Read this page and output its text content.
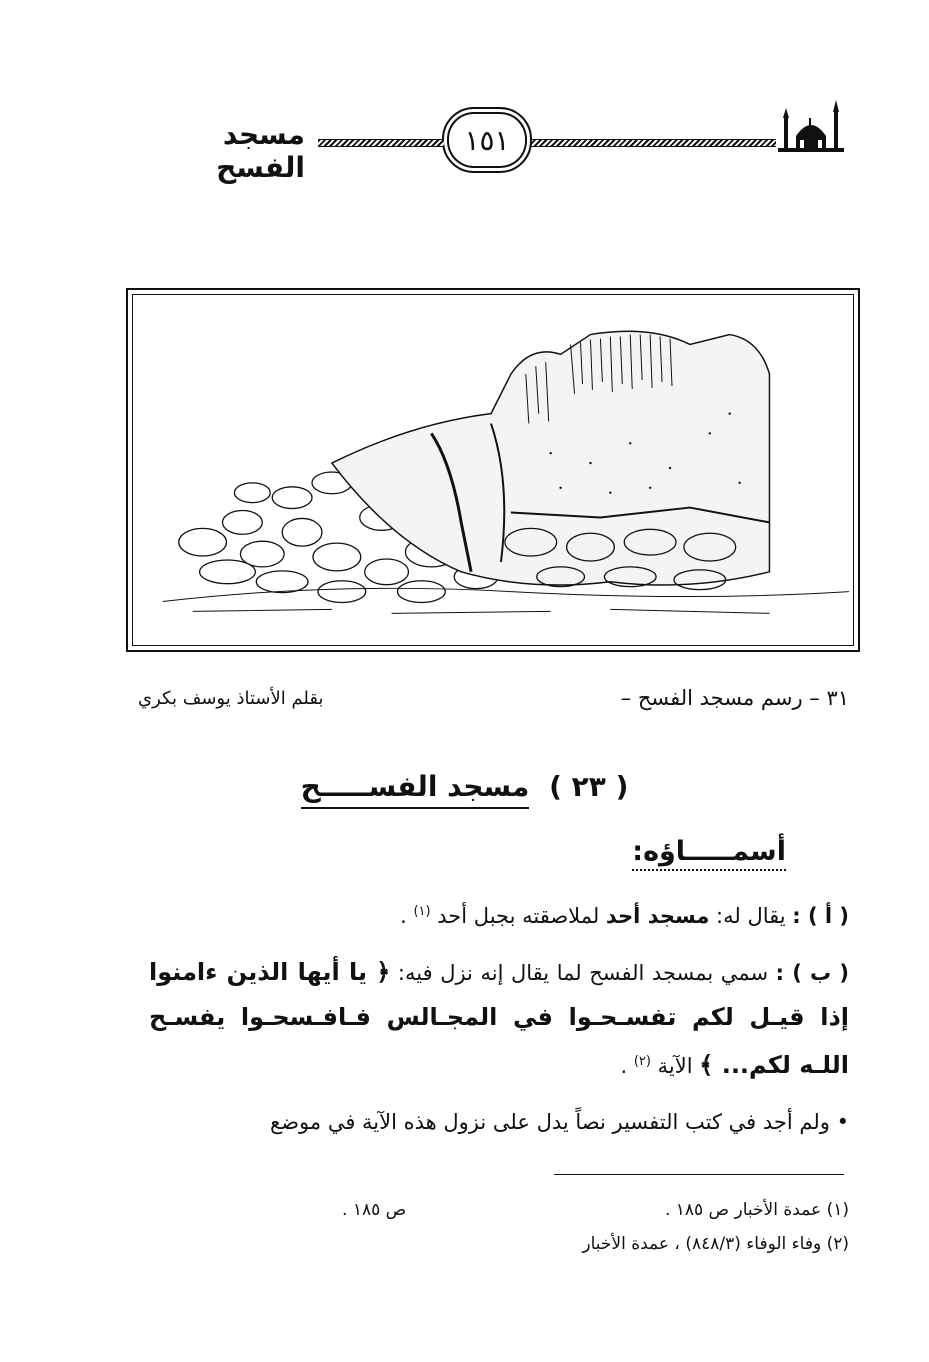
١٥١
مسجد الفسح
٣١ – رسم مسجد الفسح –
بقلم الأستاذ يوسف بكري
( ٢٣ ) مسجد الفســـــح
أسمـــــاؤه:
( أ ) : يقال له: مسجد أحد لملاصقته بجبل أحد $^{(١)}$ .
( ب ) : سمي بمسجد الفسح لما يقال إنه نزل فيه: ﴿ يا أيها الذين ءامنوا إذا قيـل لكم تفسـحـوا في المجـالس فـافـسحـوا يفسـح اللـه لكم... ﴾ الآية $^{(٢)}$ .
• ولم أجد في كتب التفسير نصاً يدل على نزول هذه الآية في موضع
(١) عمدة الأخبار ص ١٨٥ .
ص ١٨٥ .
(٢) وفاء الوفاء (٨٤٨/٣) ، عمدة الأخبار
